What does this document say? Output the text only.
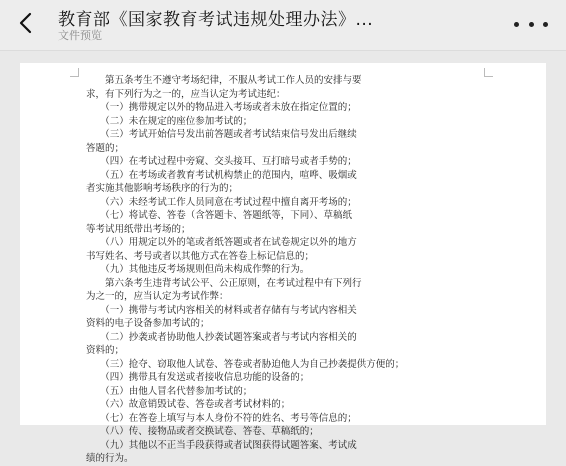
教育部《国家教育考试违规处理办法》...
文件预览

　　第五条考生不遵守考场纪律，不服从考试工作人员的安排与要

求，有下列行为之一的，应当认定为考试违纪：

　　（一）携带规定以外的物品进入考场或者未放在指定位置的；

　　（二）未在规定的座位参加考试的；

　　（三）考试开始信号发出前答题或者考试结束信号发出后继续

答题的；

　　（四）在考试过程中旁窥、交头接耳、互打暗号或者手势的；

　　（五）在考场或者教育考试机构禁止的范围内，喧哗、吸烟或

者实施其他影响考场秩序的行为的；

　　（六）未经考试工作人员同意在考试过程中擅自离开考场的；

　　（七）将试卷、答卷（含答题卡、答题纸等，下同）、草稿纸

等考试用纸带出考场的；

　　（八）用规定以外的笔或者纸答题或者在试卷规定以外的地方

书写姓名、考号或者以其他方式在答卷上标记信息的；

　　（九）其他违反考场规则但尚未构成作弊的行为。

　　第六条考生违背考试公平、公正原则，在考试过程中有下列行

为之一的，应当认定为考试作弊：

　　（一）携带与考试内容相关的材料或者存储有与考试内容相关

资料的电子设备参加考试的；

　　（二）抄袭或者协助他人抄袭试题答案或者与考试内容相关的

资料的；

　　（三）抢夺、窃取他人试卷、答卷或者胁迫他人为自己抄袭提供方便的；

　　（四）携带具有发送或者接收信息功能的设备的；

　　（五）由他人冒名代替参加考试的；

　　（六）故意销毁试卷、答卷或者考试材料的；

　　（七）在答卷上填写与本人身份不符的姓名、考号等信息的；

　　（八）传、接物品或者交换试卷、答卷、草稿纸的；

　　（九）其他以不正当手段获得或者试图获得试题答案、考试成

绩的行为。
